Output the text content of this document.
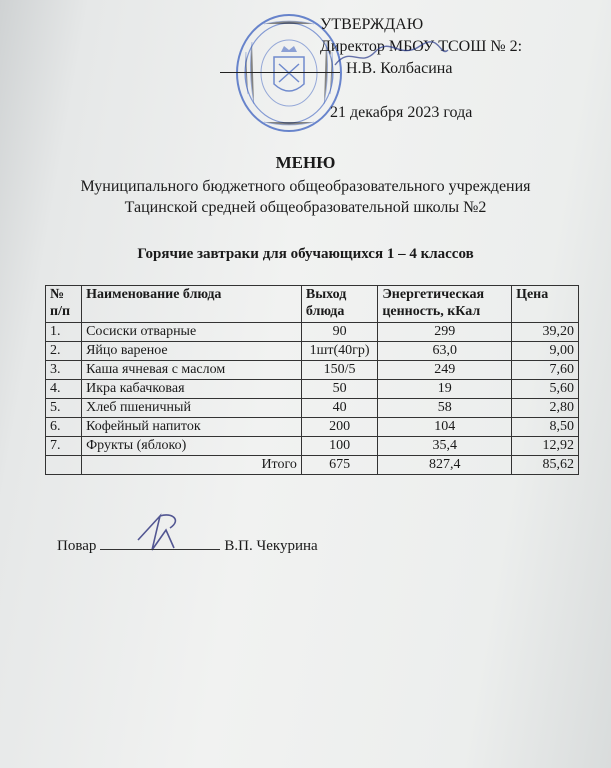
УТВЕРЖДАЮ
Директор МБОУ ТСОШ № 2:
Н.В. Колбасина
21 декабря 2023 года
МЕНЮ
Муниципального бюджетного общеобразовательного учреждения
Тацинской средней общеобразовательной школы №2
Горячие завтраки для обучающихся 1 – 4 классов
№ п/п	Наименование блюда	Выход блюда	Энергетическая ценность, кКал	Цена
1.	Сосиски отварные	90	299	39,20
2.	Яйцо вареное	1шт(40гр)	63,0	9,00
3.	Каша ячневая с маслом	150/5	249	7,60
4.	Икра кабачковая	50	19	5,60
5.	Хлеб пшеничный	40	58	2,80
6.	Кофейный напиток	200	104	8,50
7.	Фрукты (яблоко)	100	35,4	12,92
	Итого	675	827,4	85,62
Повар	В.П. Чекурина
